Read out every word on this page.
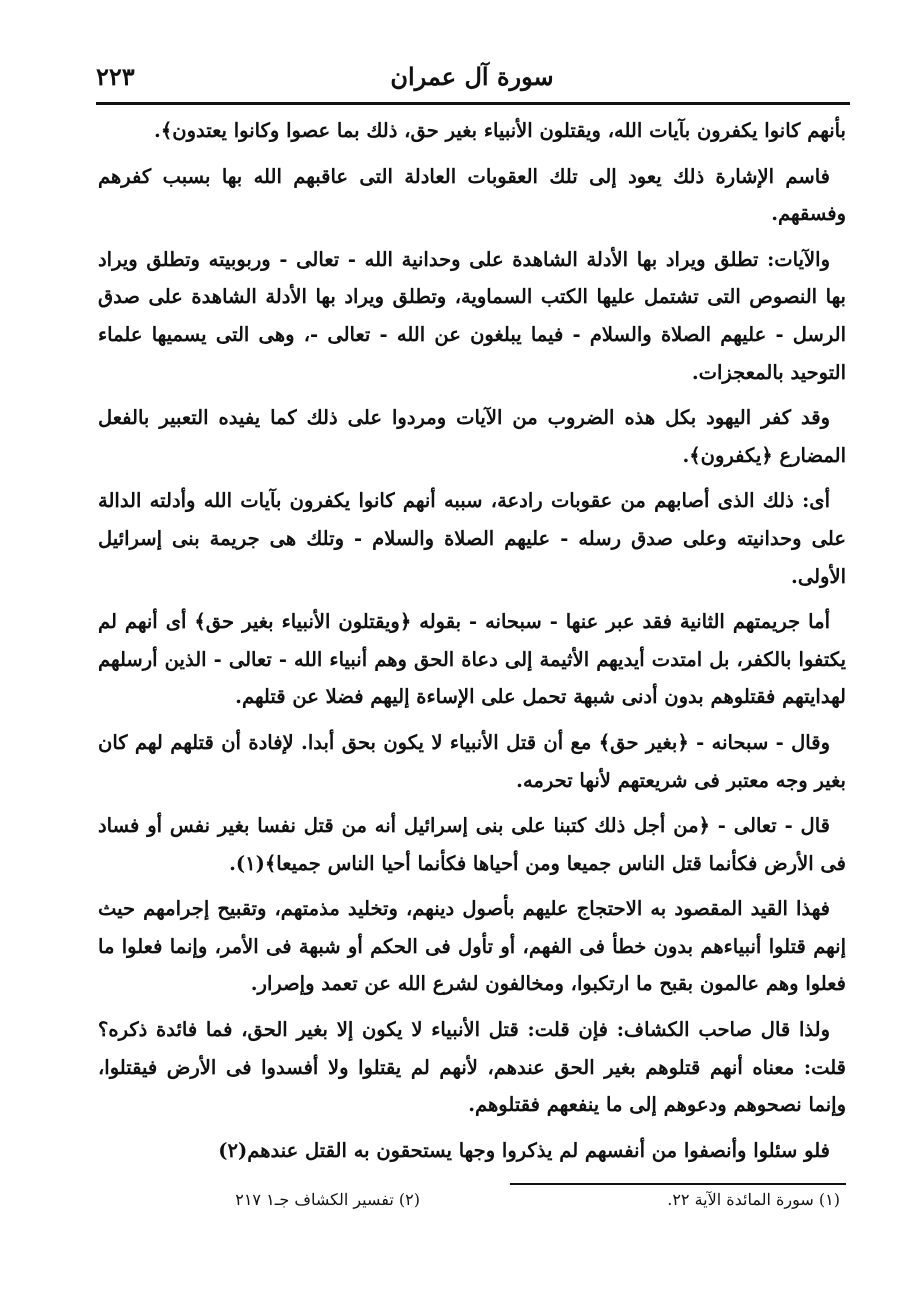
سورة آل عمران
٢٢٣

بأنهم كانوا يكفرون بآيات الله، ويقتلون الأنبياء بغير حق، ذلك بما عصوا وكانوا يعتدون﴾.

فاسم الإشارة ذلك يعود إلى تلك العقوبات العادلة التى عاقبهم الله بها بسبب كفرهم وفسقهم.

والآيات: تطلق ويراد بها الأدلة الشاهدة على وحدانية الله - تعالى - وربوبيته وتطلق ويراد بها النصوص التى تشتمل عليها الكتب السماوية، وتطلق ويراد بها الأدلة الشاهدة على صدق الرسل - عليهم الصلاة والسلام - فيما يبلغون عن الله - تعالى -، وهى التى يسميها علماء التوحيد بالمعجزات.

وقد كفر اليهود بكل هذه الضروب من الآيات ومردوا على ذلك كما يفيده التعبير بالفعل المضارع ﴿يكفرون﴾.

أى: ذلك الذى أصابهم من عقوبات رادعة، سببه أنهم كانوا يكفرون بآيات الله وأدلته الدالة على وحدانيته وعلى صدق رسله - عليهم الصلاة والسلام - وتلك هى جريمة بنى إسرائيل الأولى.

أما جريمتهم الثانية فقد عبر عنها - سبحانه - بقوله ﴿ويقتلون الأنبياء بغير حق﴾ أى أنهم لم يكتفوا بالكفر، بل امتدت أيديهم الأثيمة إلى دعاة الحق وهم أنبياء الله - تعالى - الذين أرسلهم لهدايتهم فقتلوهم بدون أدنى شبهة تحمل على الإساءة إليهم فضلا عن قتلهم.

وقال - سبحانه - ﴿بغير حق﴾ مع أن قتل الأنبياء لا يكون بحق أبدا. لإفادة أن قتلهم لهم كان بغير وجه معتبر فى شريعتهم لأنها تحرمه.

قال - تعالى - ﴿من أجل ذلك كتبنا على بنى إسرائيل أنه من قتل نفسا بغير نفس أو فساد فى الأرض فكأنما قتل الناس جميعا ومن أحياها فكأنما أحيا الناس جميعا﴾(١).

فهذا القيد المقصود به الاحتجاج عليهم بأصول دينهم، وتخليد مذمتهم، وتقبيح إجرامهم حيث إنهم قتلوا أنبياءهم بدون خطأ فى الفهم، أو تأول فى الحكم أو شبهة فى الأمر، وإنما فعلوا ما فعلوا وهم عالمون بقبح ما ارتكبوا، ومخالفون لشرع الله عن تعمد وإصرار.

ولذا قال صاحب الكشاف: فإن قلت: قتل الأنبياء لا يكون إلا بغير الحق، فما فائدة ذكره؟ قلت: معناه أنهم قتلوهم بغير الحق عندهم، لأنهم لم يقتلوا ولا أفسدوا فى الأرض فيقتلوا، وإنما نصحوهم ودعوهم إلى ما ينفعهم فقتلوهم.

فلو سئلوا وأنصفوا من أنفسهم لم يذكروا وجها يستحقون به القتل عندهم(٢)

(١) سورة المائدة الآية ٢٢.
(٢) تفسير الكشاف جـ١ ٢١٧
